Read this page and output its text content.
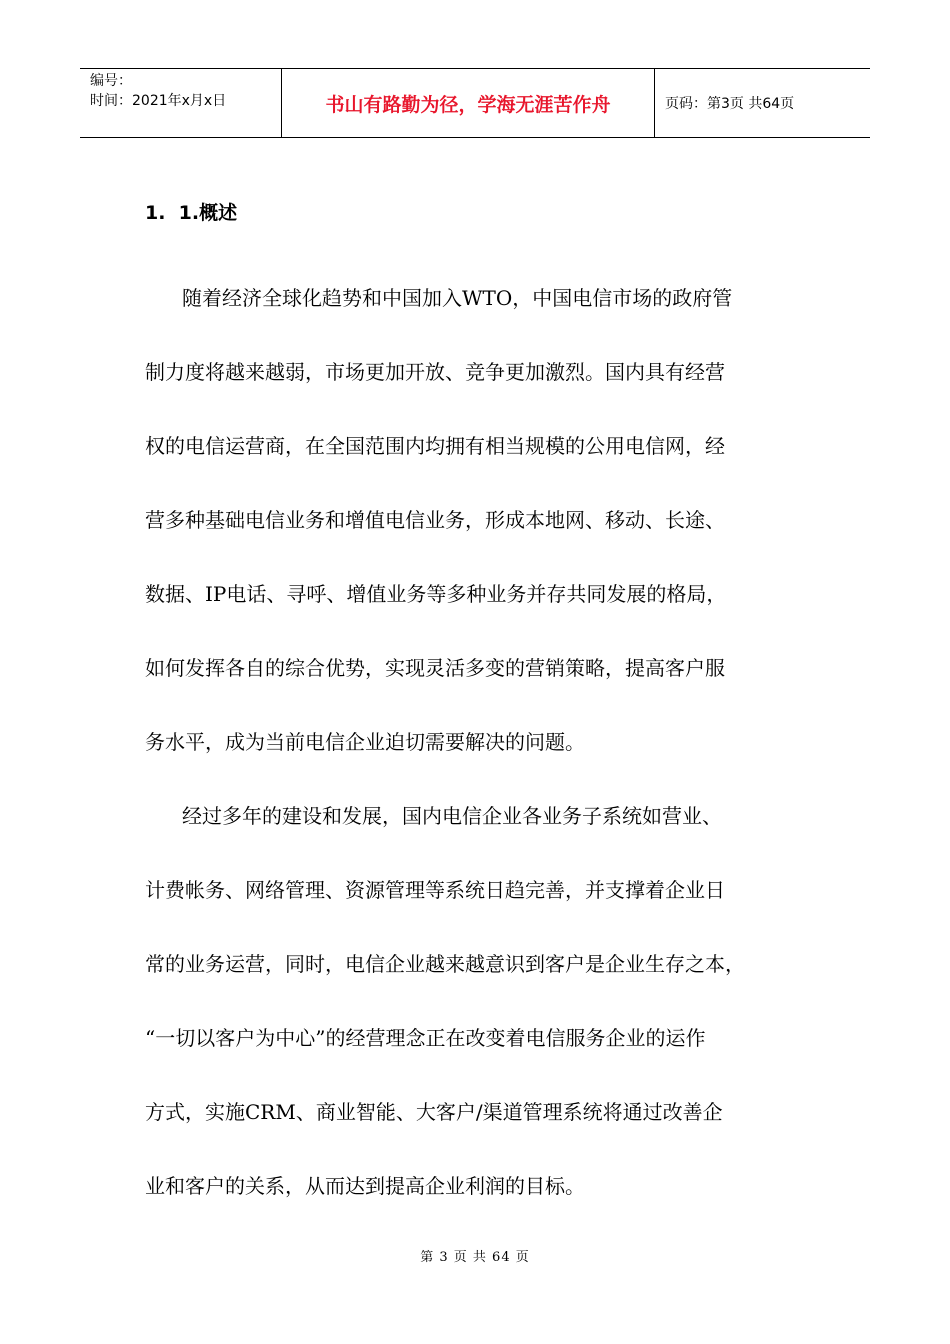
编号：
时间：2021年x月x日	书山有路勤为径，学海无涯苦作舟	页码：第3页 共64页
1.  1.概述
随着经济全球化趋势和中国加入WTO，中国电信市场的政府管
制力度将越来越弱，市场更加开放、竞争更加激烈。国内具有经营
权的电信运营商，在全国范围内均拥有相当规模的公用电信网，经
营多种基础电信业务和增值电信业务，形成本地网、移动、长途、
数据、IP电话、寻呼、增值业务等多种业务并存共同发展的格局，
如何发挥各自的综合优势，实现灵活多变的营销策略，提高客户服
务水平，成为当前电信企业迫切需要解决的问题。
经过多年的建设和发展，国内电信企业各业务子系统如营业、
计费帐务、网络管理、资源管理等系统日趋完善，并支撑着企业日
常的业务运营，同时，电信企业越来越意识到客户是企业生存之本，
“一切以客户为中心”的经营理念正在改变着电信服务企业的运作
方式，实施CRM、商业智能、大客户/渠道管理系统将通过改善企
业和客户的关系，从而达到提高企业利润的目标。
第 3 页 共 64 页
